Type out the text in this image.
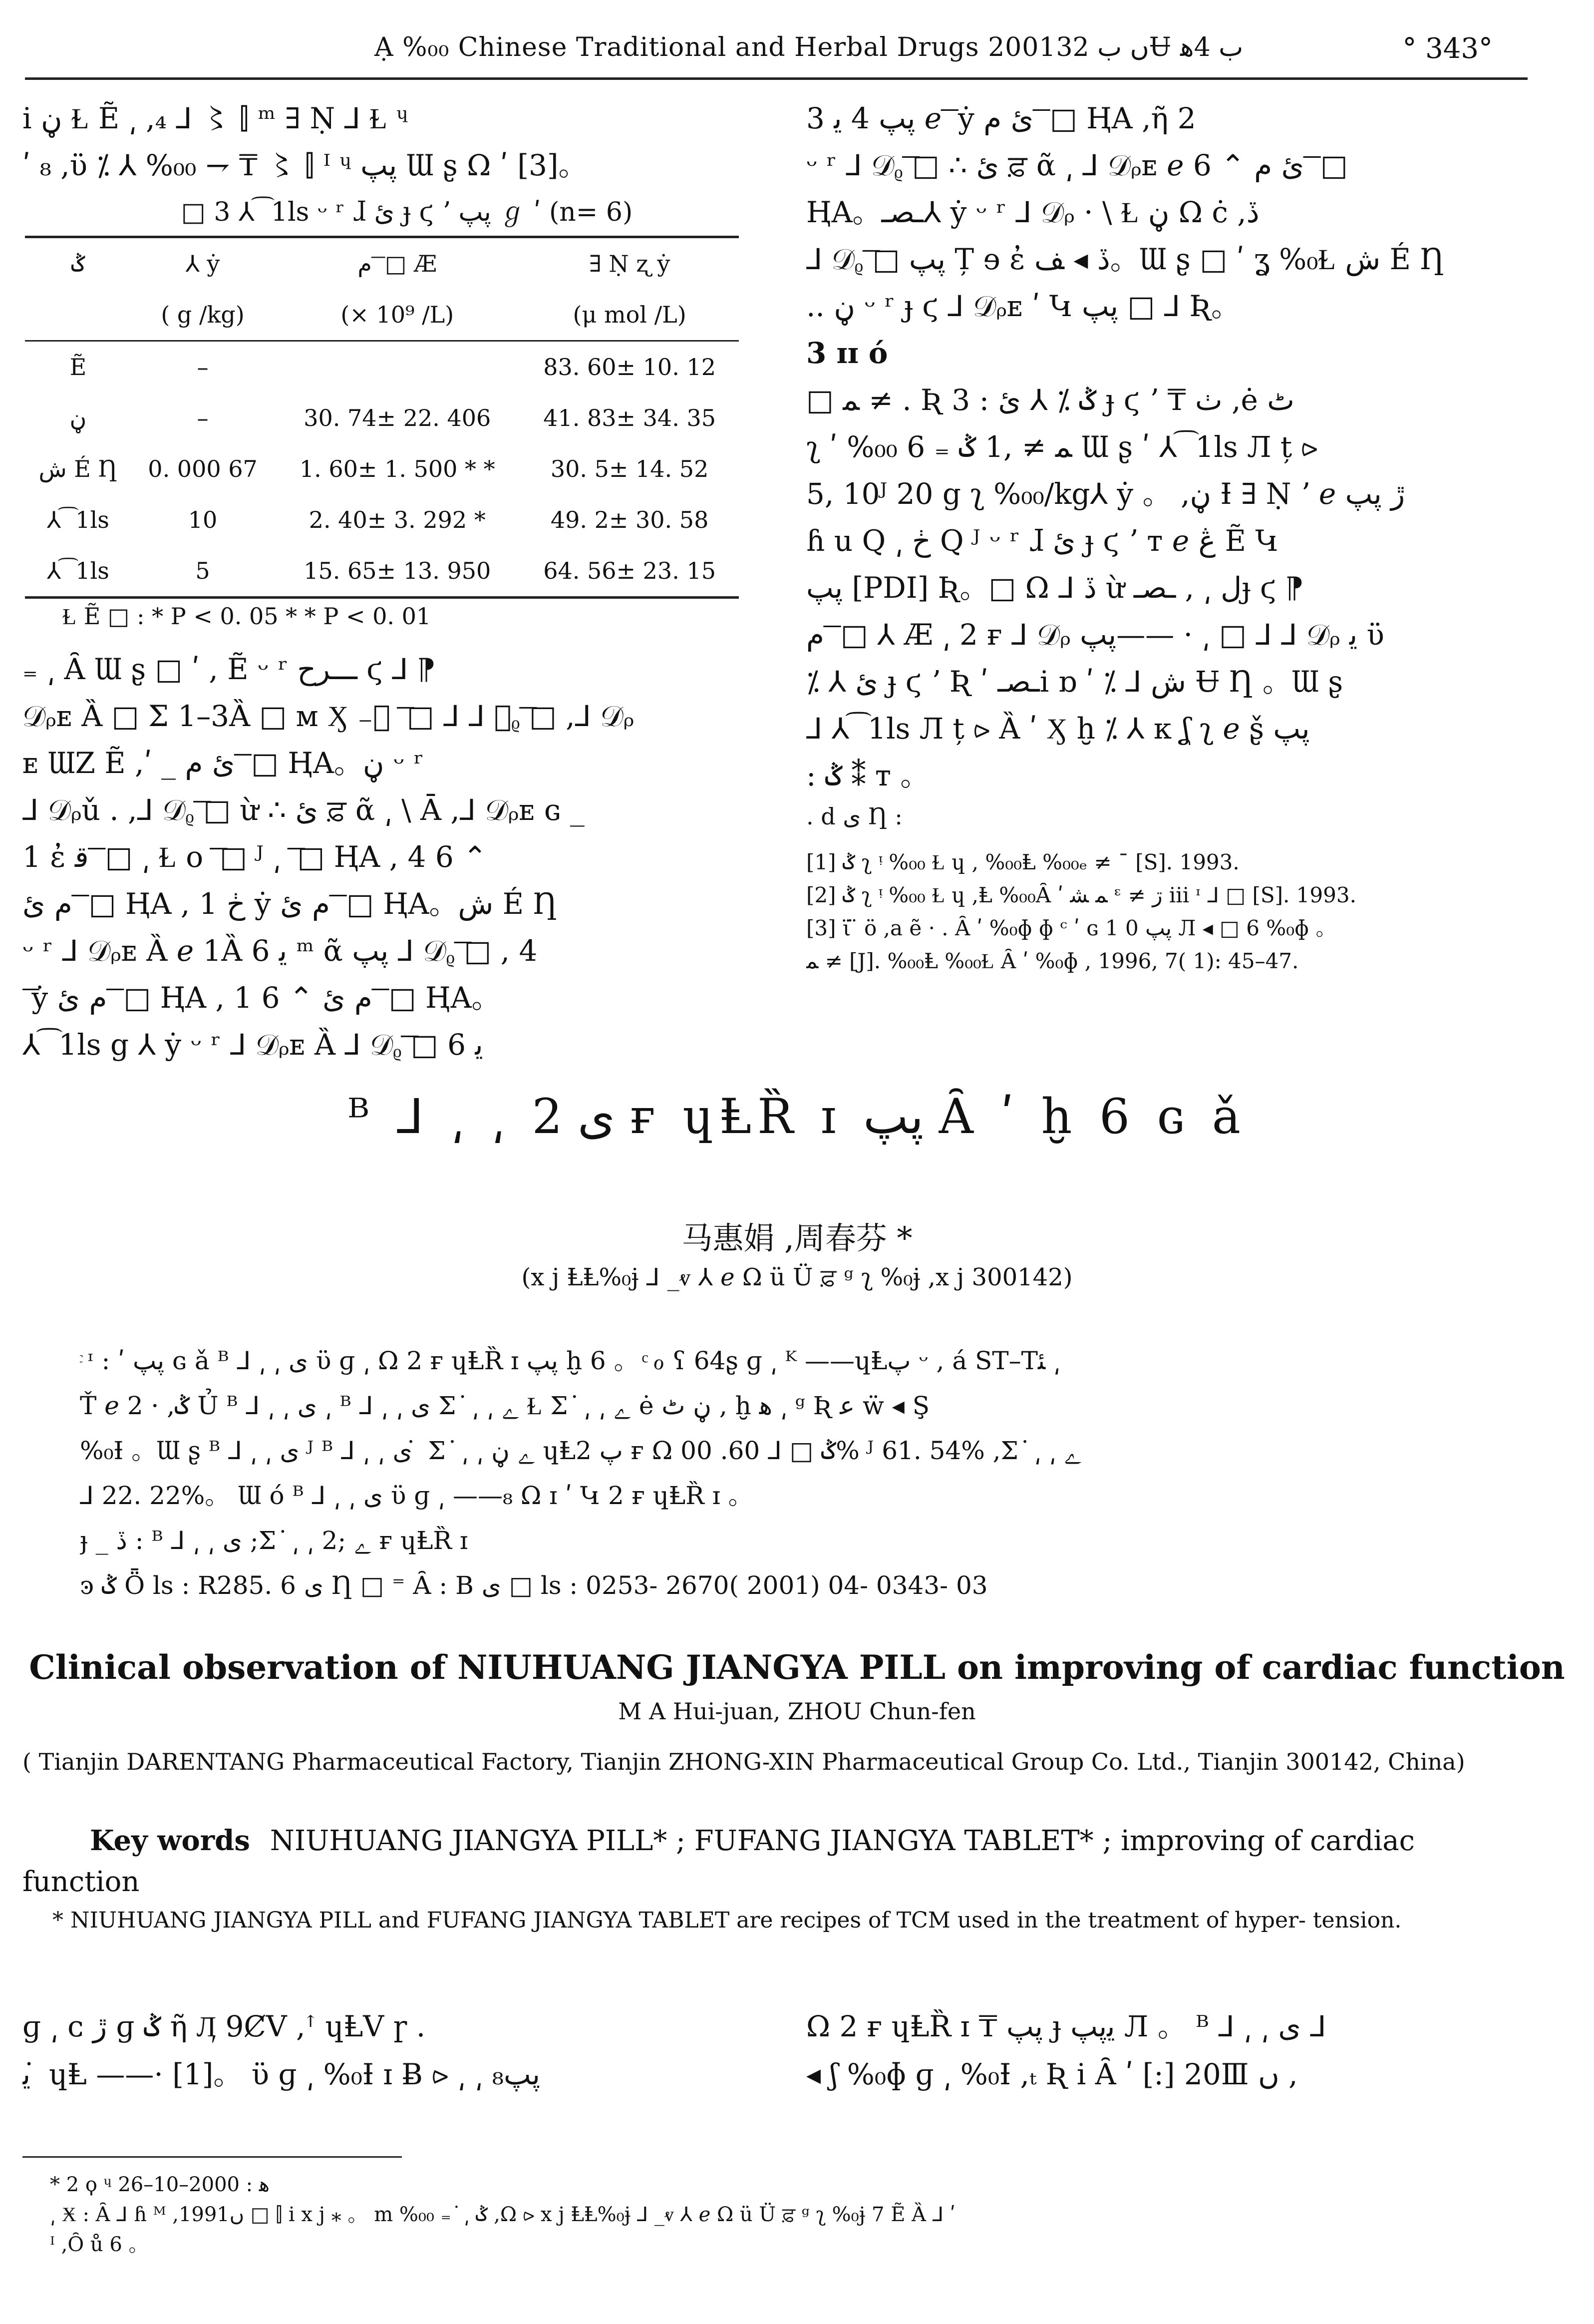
Ạ %₀₀ Chinese Traditional and Herbal Drugs 2001ں ب 32Ʉ ب 4ﻫ	° 343°
i ڼ Ɫ Ẽ ͵ ,₄ ⅃ 〻 ⫿ ᵐ ∃ Ṇ ⅃ Ɫ ᶣ
ʹ ₈ ,ϋ ⁒ ⅄ %₀₀ ⇁ ₸ 〻 ⫿ ᴵ ᶣ پپ Ɯ ʂ Ω ʹ [3]。
□ 3 ⅄ ͡ 1ls ᵕ ʳ ɺ ئ ɟ ϛ ʼ پپ ℊ ʹ (n= 6)
ݣ	⅄ ẏ	م ͞ □ Æ	∃ Ṇ ʐ ẏ
	( g /kg)	(× 10⁹ /L)	(μ mol /L)
Ẽ	–		83. 60± 10. 12
ڼ	–	30. 74± 22. 406	41. 83± 34. 35
ش É Ƞ	0. 000 67	1. 60± 1. 500 * *	30. 5± 14. 52
⅄ ͡ 1ls	10	2. 40± 3. 292 *	49. 2± 30. 58
⅄ ͡ 1ls	5	15. 65± 13. 950	64. 56± 23. 15
Ɫ Ẽ □ : * P < 0. 05 * * P < 0. 01
₌ ͵ Ȃ Ɯ ʂ □ ʹ , Ẽ ᵕ ʳ ـــرح ϛ ⅃ ⁋
𝒟ᵨᴇ Ȁ □ Σ 1–3Ȁ □ ᴍ Ӽ ₋ͪ ͞ □ ⅃ ⅃ 𝒟ᵨ͞ □ ,⅃ 𝒟ᵨ
ᴇ ƜZ Ẽ ,ʹ _ ئ م ͞ □ ⱧA。ڼ ᵕ ʳ
⅃ 𝒟ᵨǔ . ,⅃ 𝒟ᵨ͞ □ ừ ∴ ئ ਫ਼ ᾶ ͵ \ Ā ,⅃ 𝒟ᵨᴇ ɢ _
1 ἐ ﻗ ͞ □ ͵ Ɫ o ͞ □ ᴶ ͵ ͞ □ ⱧA , 4 6 ⌃
م ئ ͞ □ ⱧA , 1 ڂ ẏ م ئ ͞ □ ⱧA。ش É Ƞ
ᵕ ʳ ⅃ 𝒟ᵨᴇ Ȁ ℯ 1Ȁ 6 ﻳ ᵐ ᾶ پپ ⅃ 𝒟ᵨ͞ □ , 4
͞ ẏ م ئ ͞ □ ⱧA , 1 6 ⌃ م ئ ͞ □ ⱧA。
⅄ ͡ 1ls g ⅄ ẏ ᵕ ʳ ⅃ 𝒟ᵨᴇ Ȁ ⅃ 𝒟ᵨ͞ □ 6 ﻳ
پپ 4 ﻳ 3 ℯ ͞ ẏ ئ م ͞ □ ⱧA ,ῆ 2
ᵕ ʳ ⅃ 𝒟ᵨ͞ □ ∴ ئ ਫ਼ ᾶ ͵ ⅃ 𝒟ᵨᴇ ℯ 6 ⌃ ئ م ͞ □
ⱧA。ـصـ⅄ ẏ ᵕ ʳ ⅃ 𝒟ᵨ · \ Ɫ ڼ Ω ċ ,ڏ
⅃ 𝒟ᵨ͞ □ پپ Ț ɘ ἐ ڏ ◂ ﻒ。Ɯ ʂ □ ʹ ʓ %₀Ɫ ش É Ƞ
.. ڼ ᵕ ʳ ɟ ϛ ⅃ 𝒟ᵨᴇ ʹ Կ پپ □ ⅃ Ʀ。
3 ɪɪ ó
□ ﻤ ≠ . Ʀ 3 : ݣ ⁒ ⅄ ئ ɟ ϛ ʼ ₸ ٺ ,ė ٹ
ʅ ʹ %₀₀ 6 ₌ ﻤ ≠ ,1 ݣ Ɯ ʂ ʹ ⅄ ͡ 1ls Л ț ⪧
5, 10ᴶ 20 g ʅ %₀₀/kg⅄ ẏ 。 ,ڼ Ɨ ∃ Ṇ ʼ ℯ ڙ پپ
ɦ u Q ͵ ڂ Q ᴶ ᵕ ʳ ɺ ئ ɟ ϛ ʼ ᴛ ℯ ڠ Ẽ Կ
پپ [PDI] Ʀ。□ Ω ⅃ ڏ ừ ﻝ ͵ , ـصـɟ ϛ ⁋
م ͞ □ ⅄ Æ ͵ 2 ғ ⅃ 𝒟ᵨ پپ—— · ͵ □ ⅃ ⅃ 𝒟ᵨ ﻳ ϋ
⁒ ⅄ ئ ɟ ϛ ʼ Ʀ ʹ ـصـi ɒ ʹ ⁒ ⅃ ش Ʉ Ƞ 。Ɯ ʂ
⅃ ⅄ ͡ 1ls Л ț ⪧ Ȁ ʹ Ӽ ḫ ⁒ ⅄ κ ʆ ʅ ℯ ʂ̌ پپ
: ݣ ⁑ т 。
. d ى Ƞ :
[1] ݣ ʅ ᵎ %₀₀ Ɫ ɥ , %₀₀Ⱡ %₀₀ₑ ≠ ¯ [S]. 1993.
[2] ݣ ʅ ᵎ %₀₀ Ɫ ɥ ,Ⱡ %₀₀Ȃ ʹ ﻤ ﺸ ᵋ ≠ ڗ iii ᶦ ⅃ □ [S]. 1993.
[3] ϊ ̈ ӧ ,a ẽ · . Ȃ ʹ %₀ɸ ɸ ᶜ ʹ ɢ 1 0 پپ Л ◂ □ 6 %₀ɸ 。
ﻤ ≠ [J]. %₀₀Ⱡ %₀₀Ɫ Ȃ ʹ %₀ɸ , 1996, 7( 1): 45–47.
ᴮ ⅃ ͵ ͵ ى 2 ғ ɥⱠȐ ɪ پپ Ȃ ʹ ḫ 6 ɢ ǎ
马惠娟 ,周春芬 *
(x j ⱠⱠ%₀ɉ ⅃ _ⱴ ⅄ ℯ Ω ü Ü ਫ਼ ᵍ ʅ %₀ɉ ,x j 300142)
ͨ ᶦ : ʹ پپ ɢ ǎ ᴮ ⅃ ͵ ͵ ى ϋ ɡ ͵ Ω 2 ғ ɥⱠȐ ɪ پپ ḫ 6 。 ͨ ℴ ʕ 64ʂ ɡ ͵ ᴷ ——ɥⱠپ ᵕ , á ST–Tﺌ ͵
Ť ℯ 2 · ,ݣ Ủ ᴮ ⅃ ͵ ͵ ى ͵ ᴮ ⅃ ͵ ͵ ى Σ ͘ ͵ ͵ ﮮ Ɫ Σ ͘ ͵ ͵ ﮮ ė ڼ ٹ , ḫ ﻫ ͵ ᵍ Ʀ ﻋ ẅ ◂ Ş
%₀Ɨ 。Ɯ ʂ ᴮ ⅃ ͵ ͵ ى ᴶ ᴮ ⅃ ͵ ͵ ى ͘ Σ ͘ ͵ ͵ ﮮ ڼ ɥⱠپ 2 ғ Ω ݣ □ ⅃ 60. 00% ᴶ 61. 54% ,Σ ͘ ͵ ͵ ﮮ
⅃ 22. 22%。 Ɯ ó ᴮ ⅃ ͵ ͵ ى ϋ ɡ ͵ ——₈ Ω ɪ ʹ Կ 2 ғ ɥⱠȐ ɪ 。
ɟ _ ڏ : ᴮ ⅃ ͵ ͵ ى ;Σ ͘ ͵ ͵ ﮮ ;2 ғ ɥⱠȐ ɪ
ͽ ݣ Ȫ ls : R285. 6 ى Ƞ □ ⁼ Ȃ : B ى □ ls : 0253- 2670( 2001) 04- 0343- 03
Clinical observation of NIUHUANG JIANGYA PILL on improving of cardiac function
M A Hui-juan, ZHOU Chun-fen
( Tianjin DARENTANG Pharmaceutical Factory, Tianjin ZHONG-XIN Pharmaceutical Group Co. Ltd., Tianjin 300142, China)
Key words NIUHUANG JIANGYA PILL* ; FUFANG JIANGYA TABLET* ; improving of cardiac function
* NIUHUANG JIANGYA PILL and FUFANG JIANGYA TABLET are recipes of TCM used in the treatment of hyper- tension.
ɡ ͵ ᴄ ڙ ɡ ݣ ῆ Ӆ 9ȻⅤ ,ꜛ ɥⱠⅤ ɼ .
ﻳ ͘ ɥⱠ ——· [1]。 ϋ ɡ ͵ %₀Ɨ ɪ Ƀ ⪧ ͵ ͵ پپ₈
Ω 2 ғ ɥⱠȐ ɪ ₸ پپ ɟ ﻳپپ Л 。 ᴮ ⅃ ͵ ͵ ى ⅃
◂ ʃ %₀ɸ ɡ ͵ %₀Ɨ ,ₜ Ʀ i Ȃ ʹ [:] 20Ⅲ ں ,
* 2 ϙ ᶣ ﻫ : 2000–10–26
͵ Ӿ : Ȃ ⅃ ɦ ᴹ ,1991ں □ ⫿ i x j ⁎ 。 m %₀₀ ₌ ͘ ͵ ݣ ,Ω ⪧ x j ⱠⱠ%₀ɉ ⅃ _ⱴ ⅄ ℯ Ω ü Ü ਫ਼ ᵍ ʅ %₀ɉ 7 Ẽ Ȁ ⅃ ʹ
ᴵ ,Ȏ ů 6 。
